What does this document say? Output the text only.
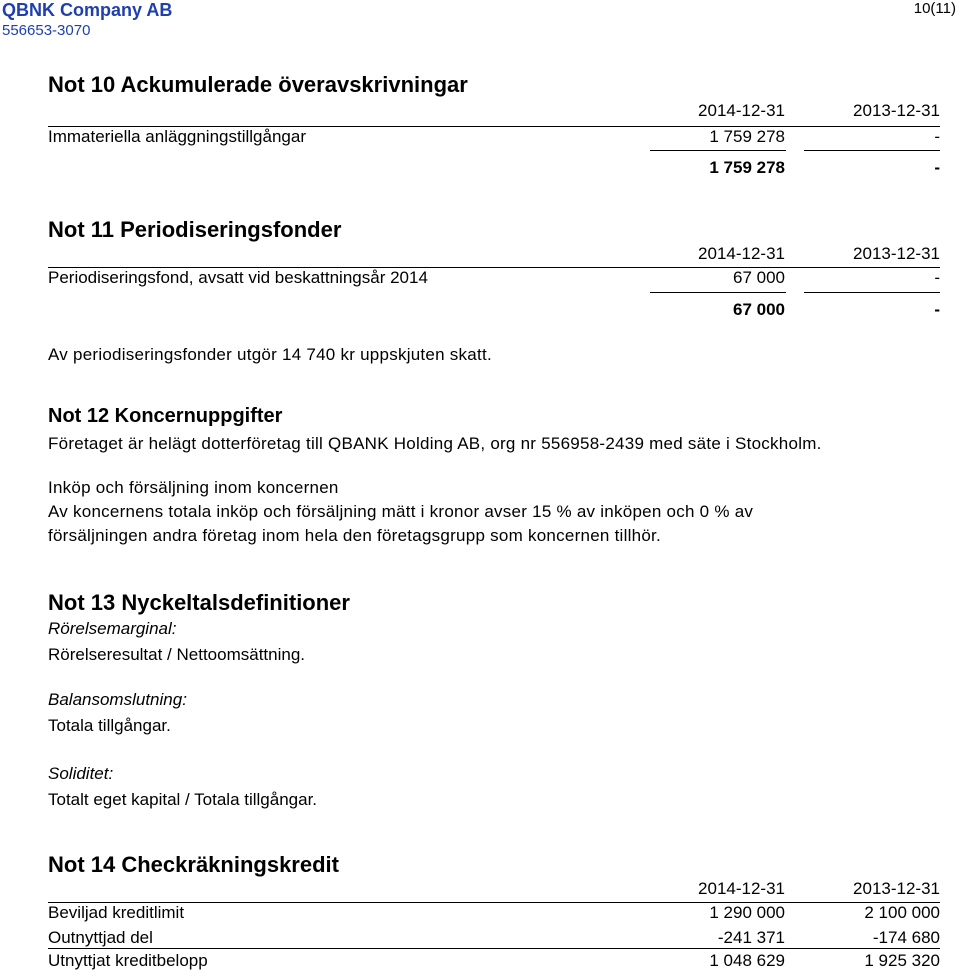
QBNK Company AB
556653-3070
10(11)
Not 10 Ackumulerade överavskrivningar
2014-12-31	2013-12-31
Immateriella anläggningstillgångar	1 759 278	-
1 759 278	-
Not 11 Periodiseringsfonder
2014-12-31	2013-12-31
Periodiseringsfond, avsatt vid beskattningsår 2014	67 000	-
67 000	-
Av periodiseringsfonder utgör 14 740 kr uppskjuten skatt.
Not 12 Koncernuppgifter
Företaget är helägt dotterföretag till QBANK Holding AB, org nr 556958-2439 med säte i Stockholm.
Inköp och försäljning inom koncernen
Av koncernens totala inköp och försäljning mätt i kronor avser 15 % av inköpen och 0 % av
försäljningen andra företag inom hela den företagsgrupp som koncernen tillhör.
Not 13 Nyckeltalsdefinitioner
Rörelsemarginal:
Rörelseresultat / Nettoomsättning.
Balansomslutning:
Totala tillgångar.
Soliditet:
Totalt eget kapital / Totala tillgångar.
Not 14 Checkräkningskredit
2014-12-31	2013-12-31
Beviljad kreditlimit	1 290 000	2 100 000
Outnyttjad del	-241 371	-174 680
Utnyttjat kreditbelopp	1 048 629	1 925 320
